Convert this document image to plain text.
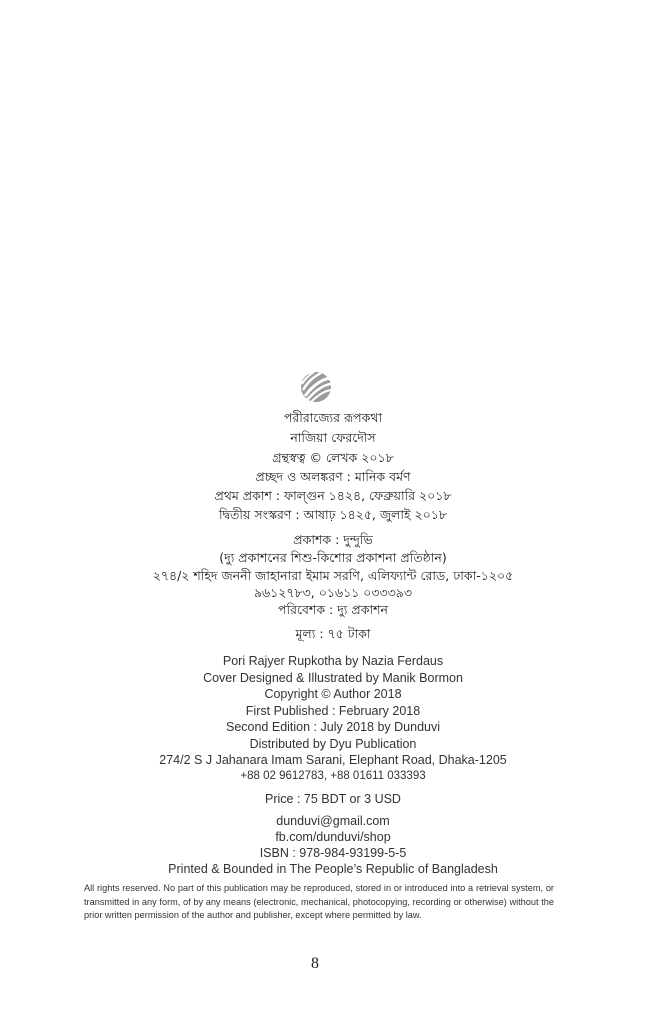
পরীরাজ্যের রূপকথা
নাজিয়া ফেরদৌস
গ্রন্থস্বত্ব © লেখক ২০১৮
প্রচ্ছদ ও অলঙ্করণ : মানিক বর্মণ
প্রথম প্রকাশ : ফাল্গুন ১৪২৪, ফেব্রুয়ারি ২০১৮
দ্বিতীয় সংস্করণ : আষাঢ় ১৪২৫, জুলাই ২০১৮
প্রকাশক : দুন্দুভি
(দ্যু প্রকাশনের শিশু-কিশোর প্রকাশনা প্রতিষ্ঠান)
২৭৪/২ শহিদ জননী জাহানারা ইমাম সরণি, এলিফ্যান্ট রোড, ঢাকা-১২০৫
৯৬১২৭৮৩, ০১৬১১ ০৩৩৩৯৩
পরিবেশক : দ্যু প্রকাশন
মূল্য : ৭৫ টাকা
Pori Rajyer Rupkotha by Nazia Ferdaus
Cover Designed & Illustrated by Manik Bormon
Copyright © Author 2018
First Published : February 2018
Second Edition : July 2018 by Dunduvi
Distributed by Dyu Publication
274/2 S J Jahanara Imam Sarani, Elephant Road, Dhaka-1205
+88 02 9612783, +88 01611 033393
Price : 75 BDT or 3 USD
dunduvi@gmail.com
fb.com/dunduvi/shop
ISBN : 978-984-93199-5-5
Printed & Bounded in The People’s Republic of Bangladesh
All rights reserved. No part of this publication may be reproduced, stored in or introduced into a retrieval system, or transmitted in any form, of by any means (electronic, mechanical, photocopying, recording or otherwise) without the prior written permission of the author and publisher, except where permitted by law.
8
